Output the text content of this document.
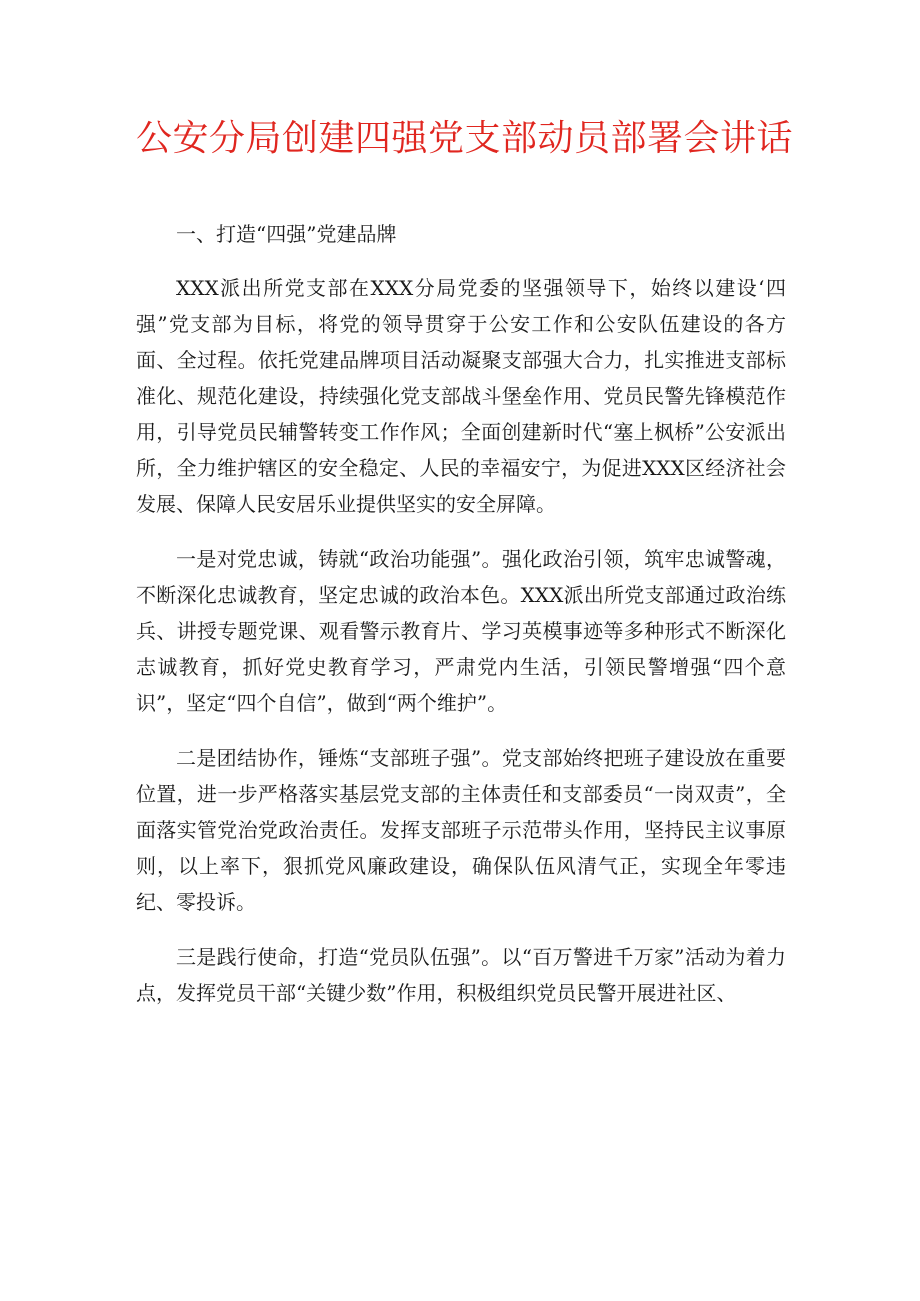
公安分局创建四强党支部动员部署会讲话

一、打造“四强”党建品牌

XXX派出所党支部在XXX分局党委的坚强领导下，始终以建设‘四强”党支部为目标，将党的领导贯穿于公安工作和公安队伍建设的各方面、全过程。依托党建品牌项目活动凝聚支部强大合力，扎实推进支部标准化、规范化建设，持续强化党支部战斗堡垒作用、党员民警先锋模范作用，引导党员民辅警转变工作作风；全面创建新时代“塞上枫桥”公安派出所，全力维护辖区的安全稳定、人民的幸福安宁，为促进XXX区经济社会发展、保障人民安居乐业提供坚实的安全屏障。

一是对党忠诚，铸就“政治功能强”。强化政治引领，筑牢忠诚警魂，不断深化忠诚教育，坚定忠诚的政治本色。XXX派出所党支部通过政治练兵、讲授专题党课、观看警示教育片、学习英模事迹等多种形式不断深化志诚教育，抓好党史教育学习，严肃党内生活，引领民警增强“四个意识”，坚定“四个自信”，做到“两个维护”。

二是团结协作，锤炼“支部班子强”。党支部始终把班子建设放在重要位置，进一步严格落实基层党支部的主体责任和支部委员“一岗双责”，全面落实管党治党政治责任。发挥支部班子示范带头作用，坚持民主议事原则，以上率下，狠抓党风廉政建设，确保队伍风清气正，实现全年零违纪、零投诉。

三是践行使命，打造“党员队伍强”。以“百万警进千万家”活动为着力点，发挥党员干部“关键少数”作用，积极组织党员民警开展进社区、
